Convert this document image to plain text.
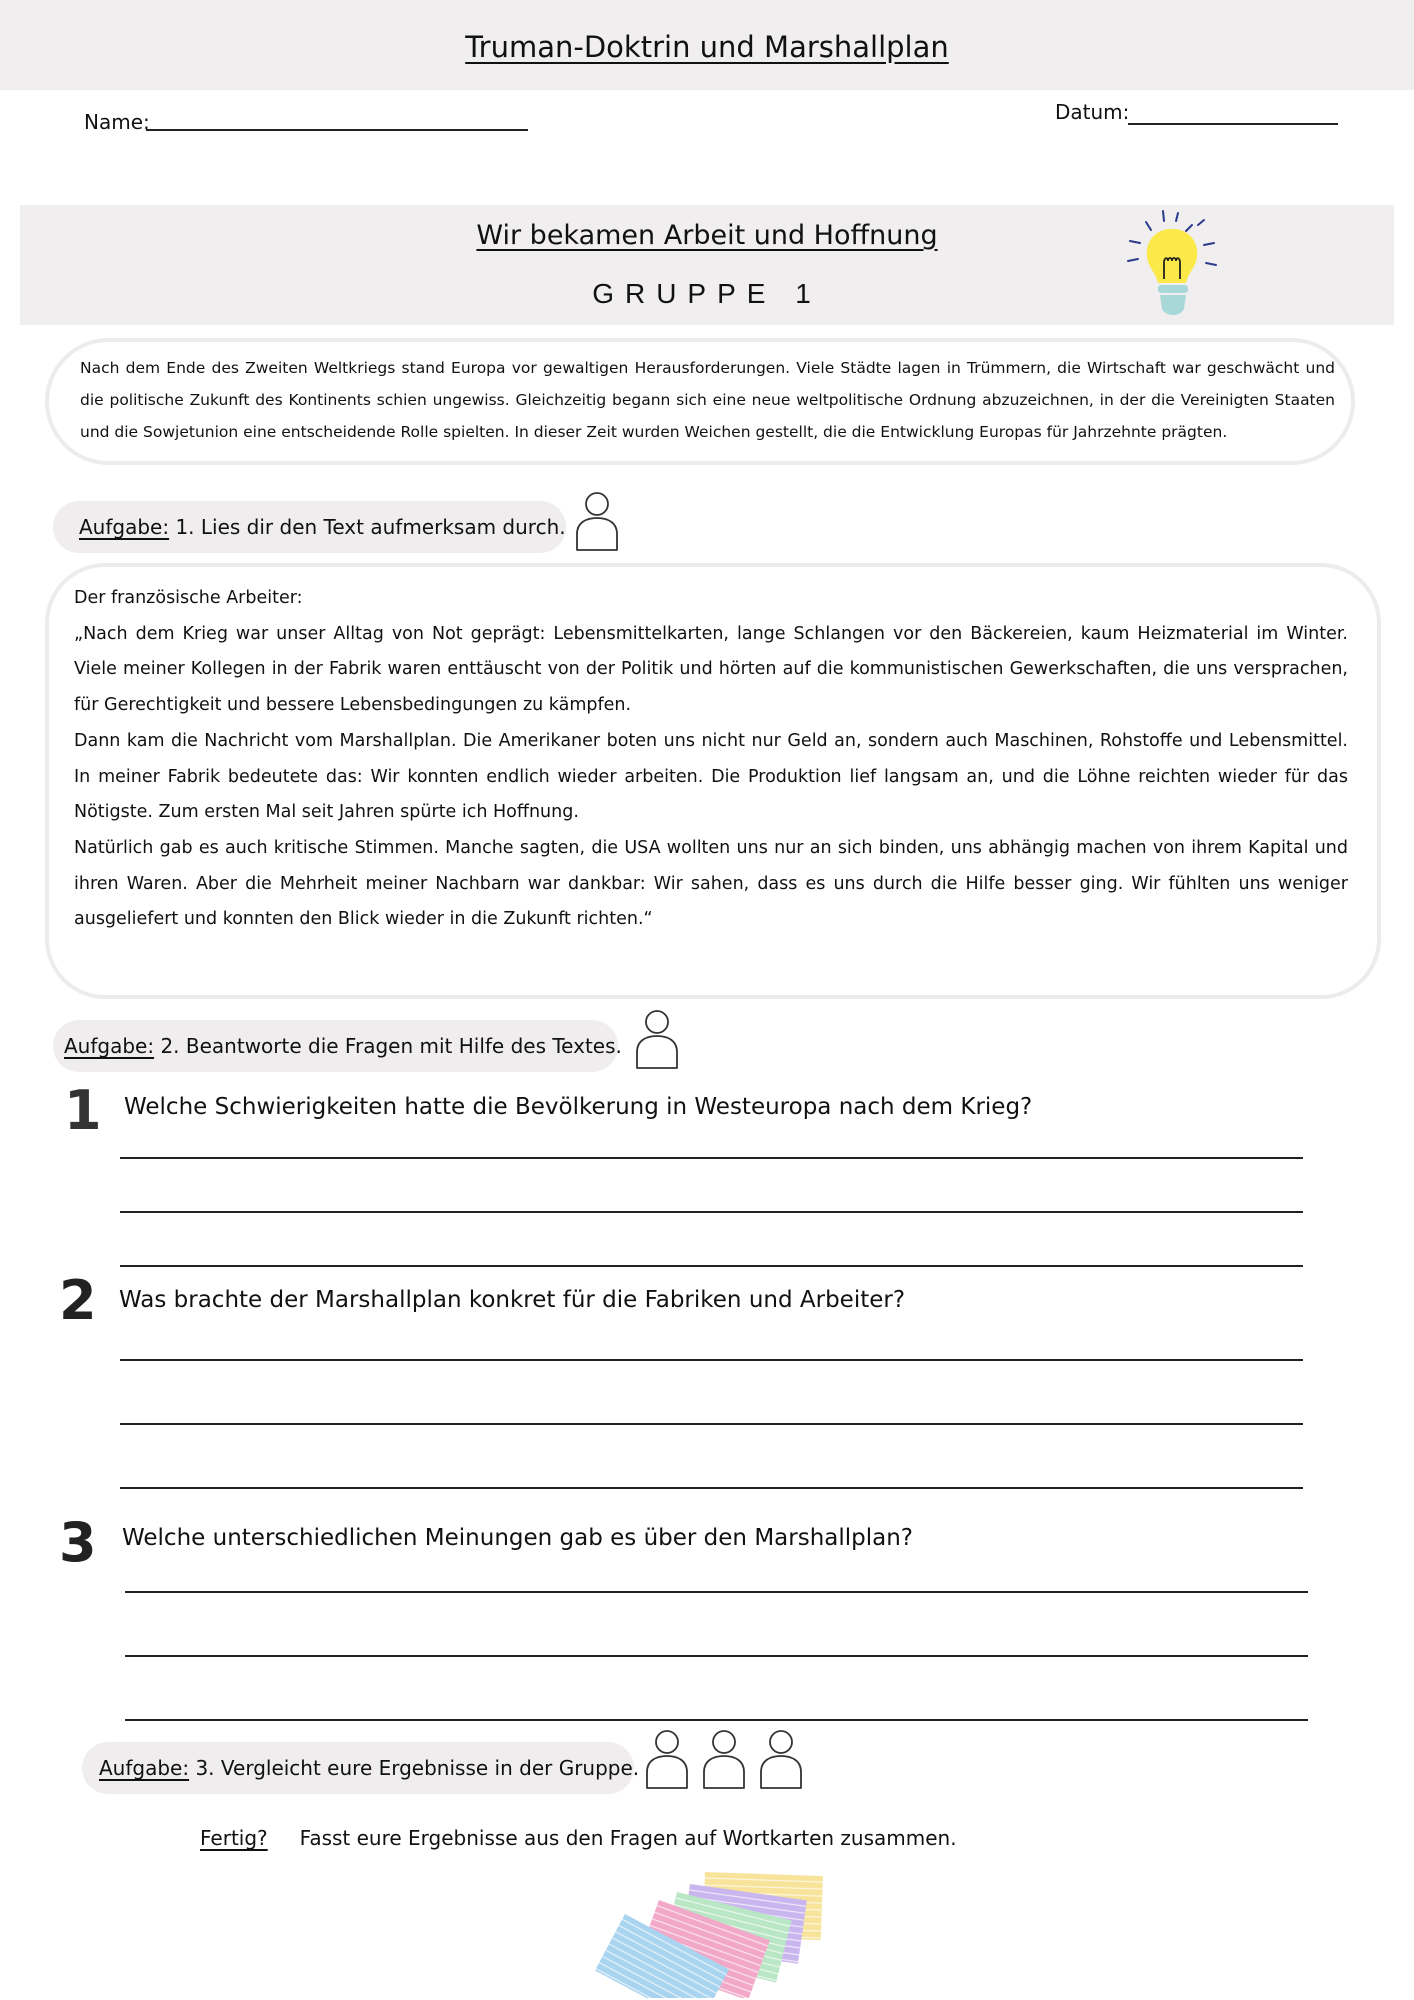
Truman-Doktrin und Marshallplan
Name:	Datum:
Wir bekamen Arbeit und Hoffnung
GRUPPE 1
Nach dem Ende des Zweiten Weltkriegs stand Europa vor gewaltigen Herausforderungen. Viele Städte lagen in Trümmern, die Wirtschaft war geschwächt und die politische Zukunft des Kontinents schien ungewiss. Gleichzeitig begann sich eine neue weltpolitische Ordnung abzuzeichnen, in der die Vereinigten Staaten und die Sowjetunion eine entscheidende Rolle spielten. In dieser Zeit wurden Weichen gestellt, die die Entwicklung Europas für Jahrzehnte prägten.
Aufgabe: 1. Lies dir den Text aufmerksam durch.

Der französische Arbeiter:

„Nach dem Krieg war unser Alltag von Not geprägt: Lebensmittelkarten, lange Schlangen vor den Bäckereien, kaum Heizmaterial im Winter. Viele meiner Kollegen in der Fabrik waren enttäuscht von der Politik und hörten auf die kommunistischen Gewerkschaften, die uns versprachen, für Gerechtigkeit und bessere Lebensbedingungen zu kämpfen.

Dann kam die Nachricht vom Marshallplan. Die Amerikaner boten uns nicht nur Geld an, sondern auch Maschinen, Rohstoffe und Lebensmittel. In meiner Fabrik bedeutete das: Wir konnten endlich wieder arbeiten. Die Produktion lief langsam an, und die Löhne reichten wieder für das Nötigste. Zum ersten Mal seit Jahren spürte ich Hoffnung.

Natürlich gab es auch kritische Stimmen. Manche sagten, die USA wollten uns nur an sich binden, uns abhängig machen von ihrem Kapital und ihren Waren. Aber die Mehrheit meiner Nachbarn war dankbar: Wir sahen, dass es uns durch die Hilfe besser ging. Wir fühlten uns weniger ausgeliefert und konnten den Blick wieder in die Zukunft richten.“

Aufgabe: 2. Beantworte die Fragen mit Hilfe des Textes.
1 Welche Schwierigkeiten hatte die Bevölkerung in Westeuropa nach dem Krieg?
2 Was brachte der Marshallplan konkret für die Fabriken und Arbeiter?
3 Welche unterschiedlichen Meinungen gab es über den Marshallplan?
Aufgabe: 3. Vergleicht eure Ergebnisse in der Gruppe.
Fertig? Fasst eure Ergebnisse aus den Fragen auf Wortkarten zusammen.
